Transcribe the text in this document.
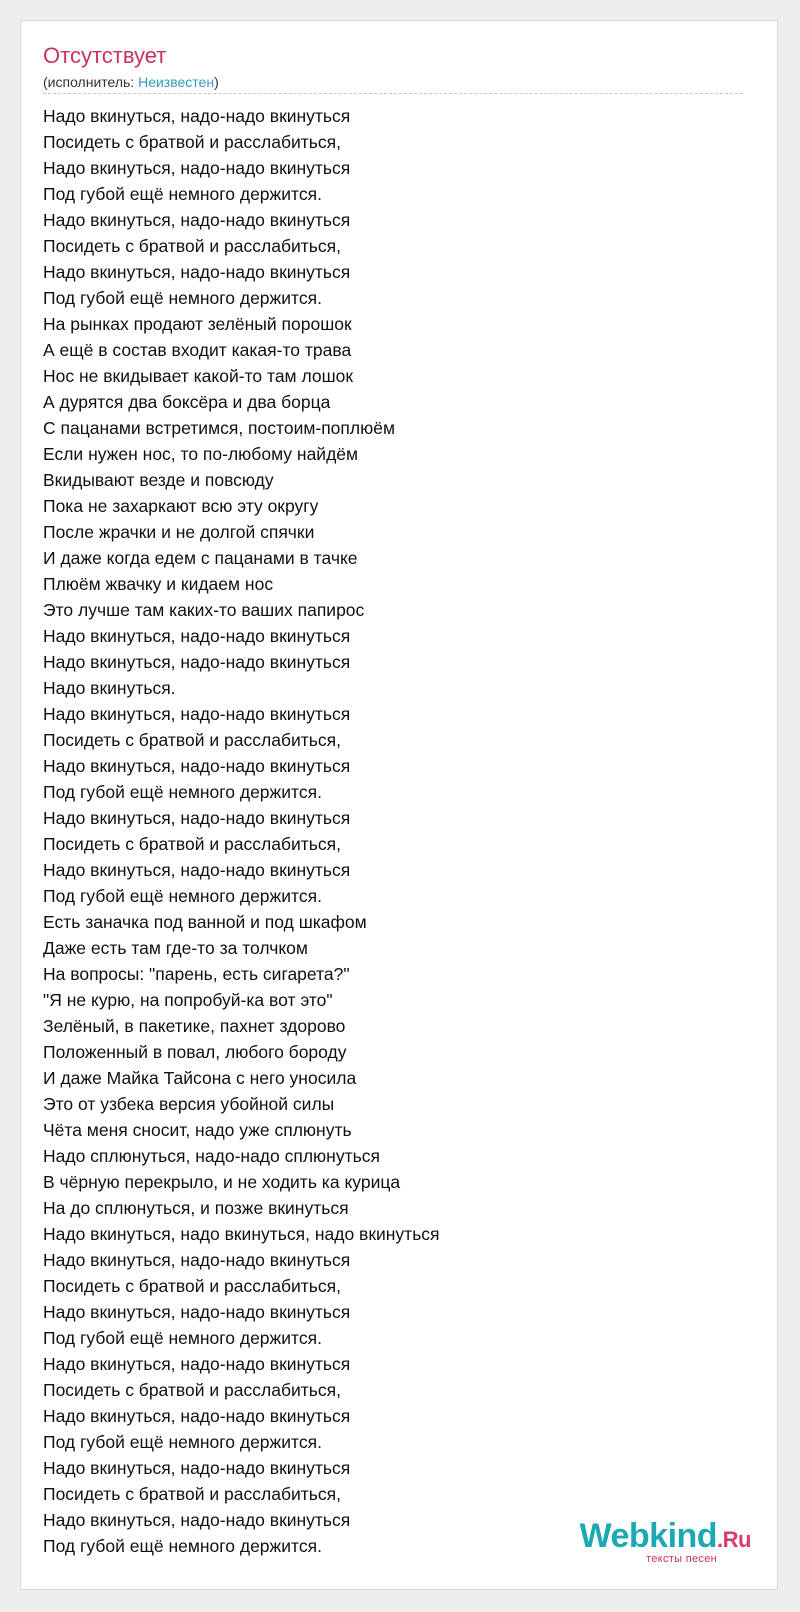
Отсутствует
(исполнитель: Неизвестен)
Надо вкинуться, надо-надо вкинуться
Посидеть с братвой и расслабиться,
Надо вкинуться, надо-надо вкинуться
Под губой ещё немного держится.
Надо вкинуться, надо-надо вкинуться
Посидеть с братвой и расслабиться,
Надо вкинуться, надо-надо вкинуться
Под губой ещё немного держится.
На рынках продают зелёный порошок
А ещё в состав входит какая-то трава
Нос не вкидывает какой-то там лошок
А дурятся два боксёра и два борца
С пацанами встретимся, постоим-поплюём
Если нужен нос, то по-любому найдём
Вкидывают везде и повсюду
Пока не захаркают всю эту округу
После жрачки и не долгой спячки
И даже когда едем с пацанами в тачке
Плюём жвачку и кидаем нос
Это лучше там каких-то ваших папирос
Надо вкинуться, надо-надо вкинуться
Надо вкинуться, надо-надо вкинуться
Надо вкинуться.
Надо вкинуться, надо-надо вкинуться
Посидеть с братвой и расслабиться,
Надо вкинуться, надо-надо вкинуться
Под губой ещё немного держится.
Надо вкинуться, надо-надо вкинуться
Посидеть с братвой и расслабиться,
Надо вкинуться, надо-надо вкинуться
Под губой ещё немного держится.
Есть заначка под ванной и под шкафом
Даже есть там где-то за толчком
На вопросы: "парень, есть сигарета?"
"Я не курю, на попробуй-ка вот это"
Зелёный, в пакетике, пахнет здорово
Положенный в повал, любого бороду
И даже Майка Тайсона с него уносила
Это от узбека версия убойной силы
Чёта меня сносит, надо уже сплюнуть
Надо сплюнуться, надо-надо сплюнуться
В чёрную перекрыло, и не ходить ка курица
На до сплюнуться, и позже вкинуться
Надо вкинуться, надо вкинуться, надо вкинуться
Надо вкинуться, надо-надо вкинуться
Посидеть с братвой и расслабиться,
Надо вкинуться, надо-надо вкинуться
Под губой ещё немного держится.
Надо вкинуться, надо-надо вкинуться
Посидеть с братвой и расслабиться,
Надо вкинуться, надо-надо вкинуться
Под губой ещё немного держится.
Надо вкинуться, надо-надо вкинуться
Посидеть с братвой и расслабиться,
Надо вкинуться, надо-надо вкинуться
Под губой ещё немного держится.	Webkind.Ru
тексты песен
